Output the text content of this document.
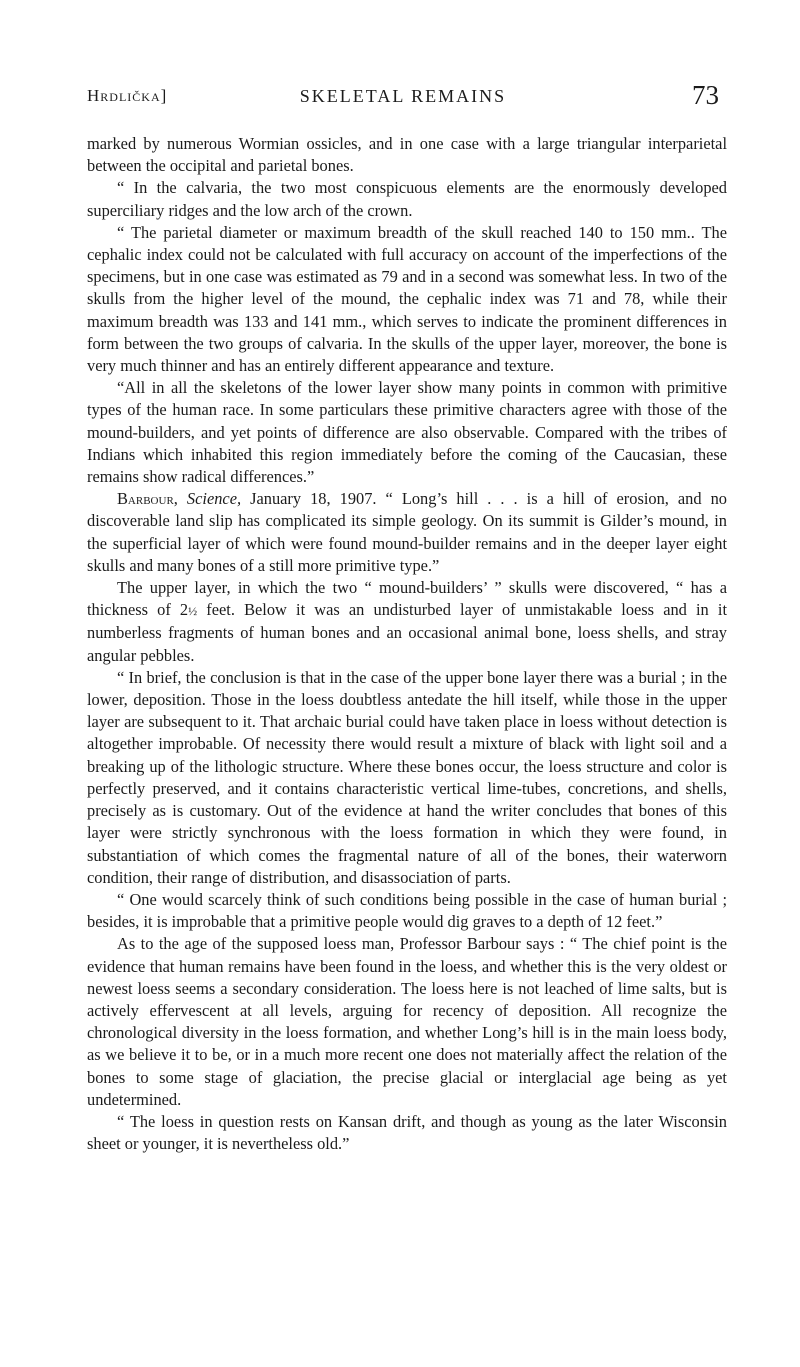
Hrdlička]	SKELETAL REMAINS	73

marked by numerous Wormian ossicles, and in one case with a large triangular interparietal between the occipital and parietal bones.

“ In the calvaria, the two most conspicuous elements are the enormously developed superciliary ridges and the low arch of the crown.

“ The parietal diameter or maximum breadth of the skull reached 140 to 150 mm.. The cephalic index could not be calculated with full accuracy on account of the imperfections of the specimens, but in one case was estimated as 79 and in a second was somewhat less. In two of the skulls from the higher level of the mound, the cephalic index was 71 and 78, while their maximum breadth was 133 and 141 mm., which serves to indicate the prominent differences in form between the two groups of calvaria. In the skulls of the upper layer, moreover, the bone is very much thinner and has an entirely different appearance and texture.

“All in all the skeletons of the lower layer show many points in common with primitive types of the human race. In some particulars these primitive characters agree with those of the mound-builders, and yet points of difference are also observable. Compared with the tribes of Indians which inhabited this region immediately before the coming of the Caucasian, these remains show radical differences.”

Barbour, Science, January 18, 1907. “ Long’s hill . . . is a hill of erosion, and no discoverable land slip has complicated its simple geology. On its summit is Gilder’s mound, in the superficial layer of which were found mound-builder remains and in the deeper layer eight skulls and many bones of a still more primitive type.”

The upper layer, in which the two “ mound-builders’ ” skulls were discovered, “ has a thickness of 2½ feet. Below it was an undisturbed layer of unmistakable loess and in it numberless fragments of human bones and an occasional animal bone, loess shells, and stray angular pebbles.

“ In brief, the conclusion is that in the case of the upper bone layer there was a burial ; in the lower, deposition. Those in the loess doubtless antedate the hill itself, while those in the upper layer are subsequent to it. That archaic burial could have taken place in loess without detection is altogether improbable. Of necessity there would result a mixture of black with light soil and a breaking up of the lithologic structure. Where these bones occur, the loess structure and color is perfectly preserved, and it contains characteristic vertical lime-tubes, concretions, and shells, precisely as is customary. Out of the evidence at hand the writer concludes that bones of this layer were strictly synchronous with the loess formation in which they were found, in substantiation of which comes the fragmental nature of all of the bones, their waterworn condition, their range of distribution, and disassociation of parts.

“ One would scarcely think of such conditions being possible in the case of human burial ; besides, it is improbable that a primitive people would dig graves to a depth of 12 feet.”

As to the age of the supposed loess man, Professor Barbour says : “ The chief point is the evidence that human remains have been found in the loess, and whether this is the very oldest or newest loess seems a secondary consideration. The loess here is not leached of lime salts, but is actively effervescent at all levels, arguing for recency of deposition. All recognize the chronological diversity in the loess formation, and whether Long’s hill is in the main loess body, as we believe it to be, or in a much more recent one does not materially affect the relation of the bones to some stage of glaciation, the precise glacial or interglacial age being as yet undetermined.

“ The loess in question rests on Kansan drift, and though as young as the later Wisconsin sheet or younger, it is nevertheless old.”
